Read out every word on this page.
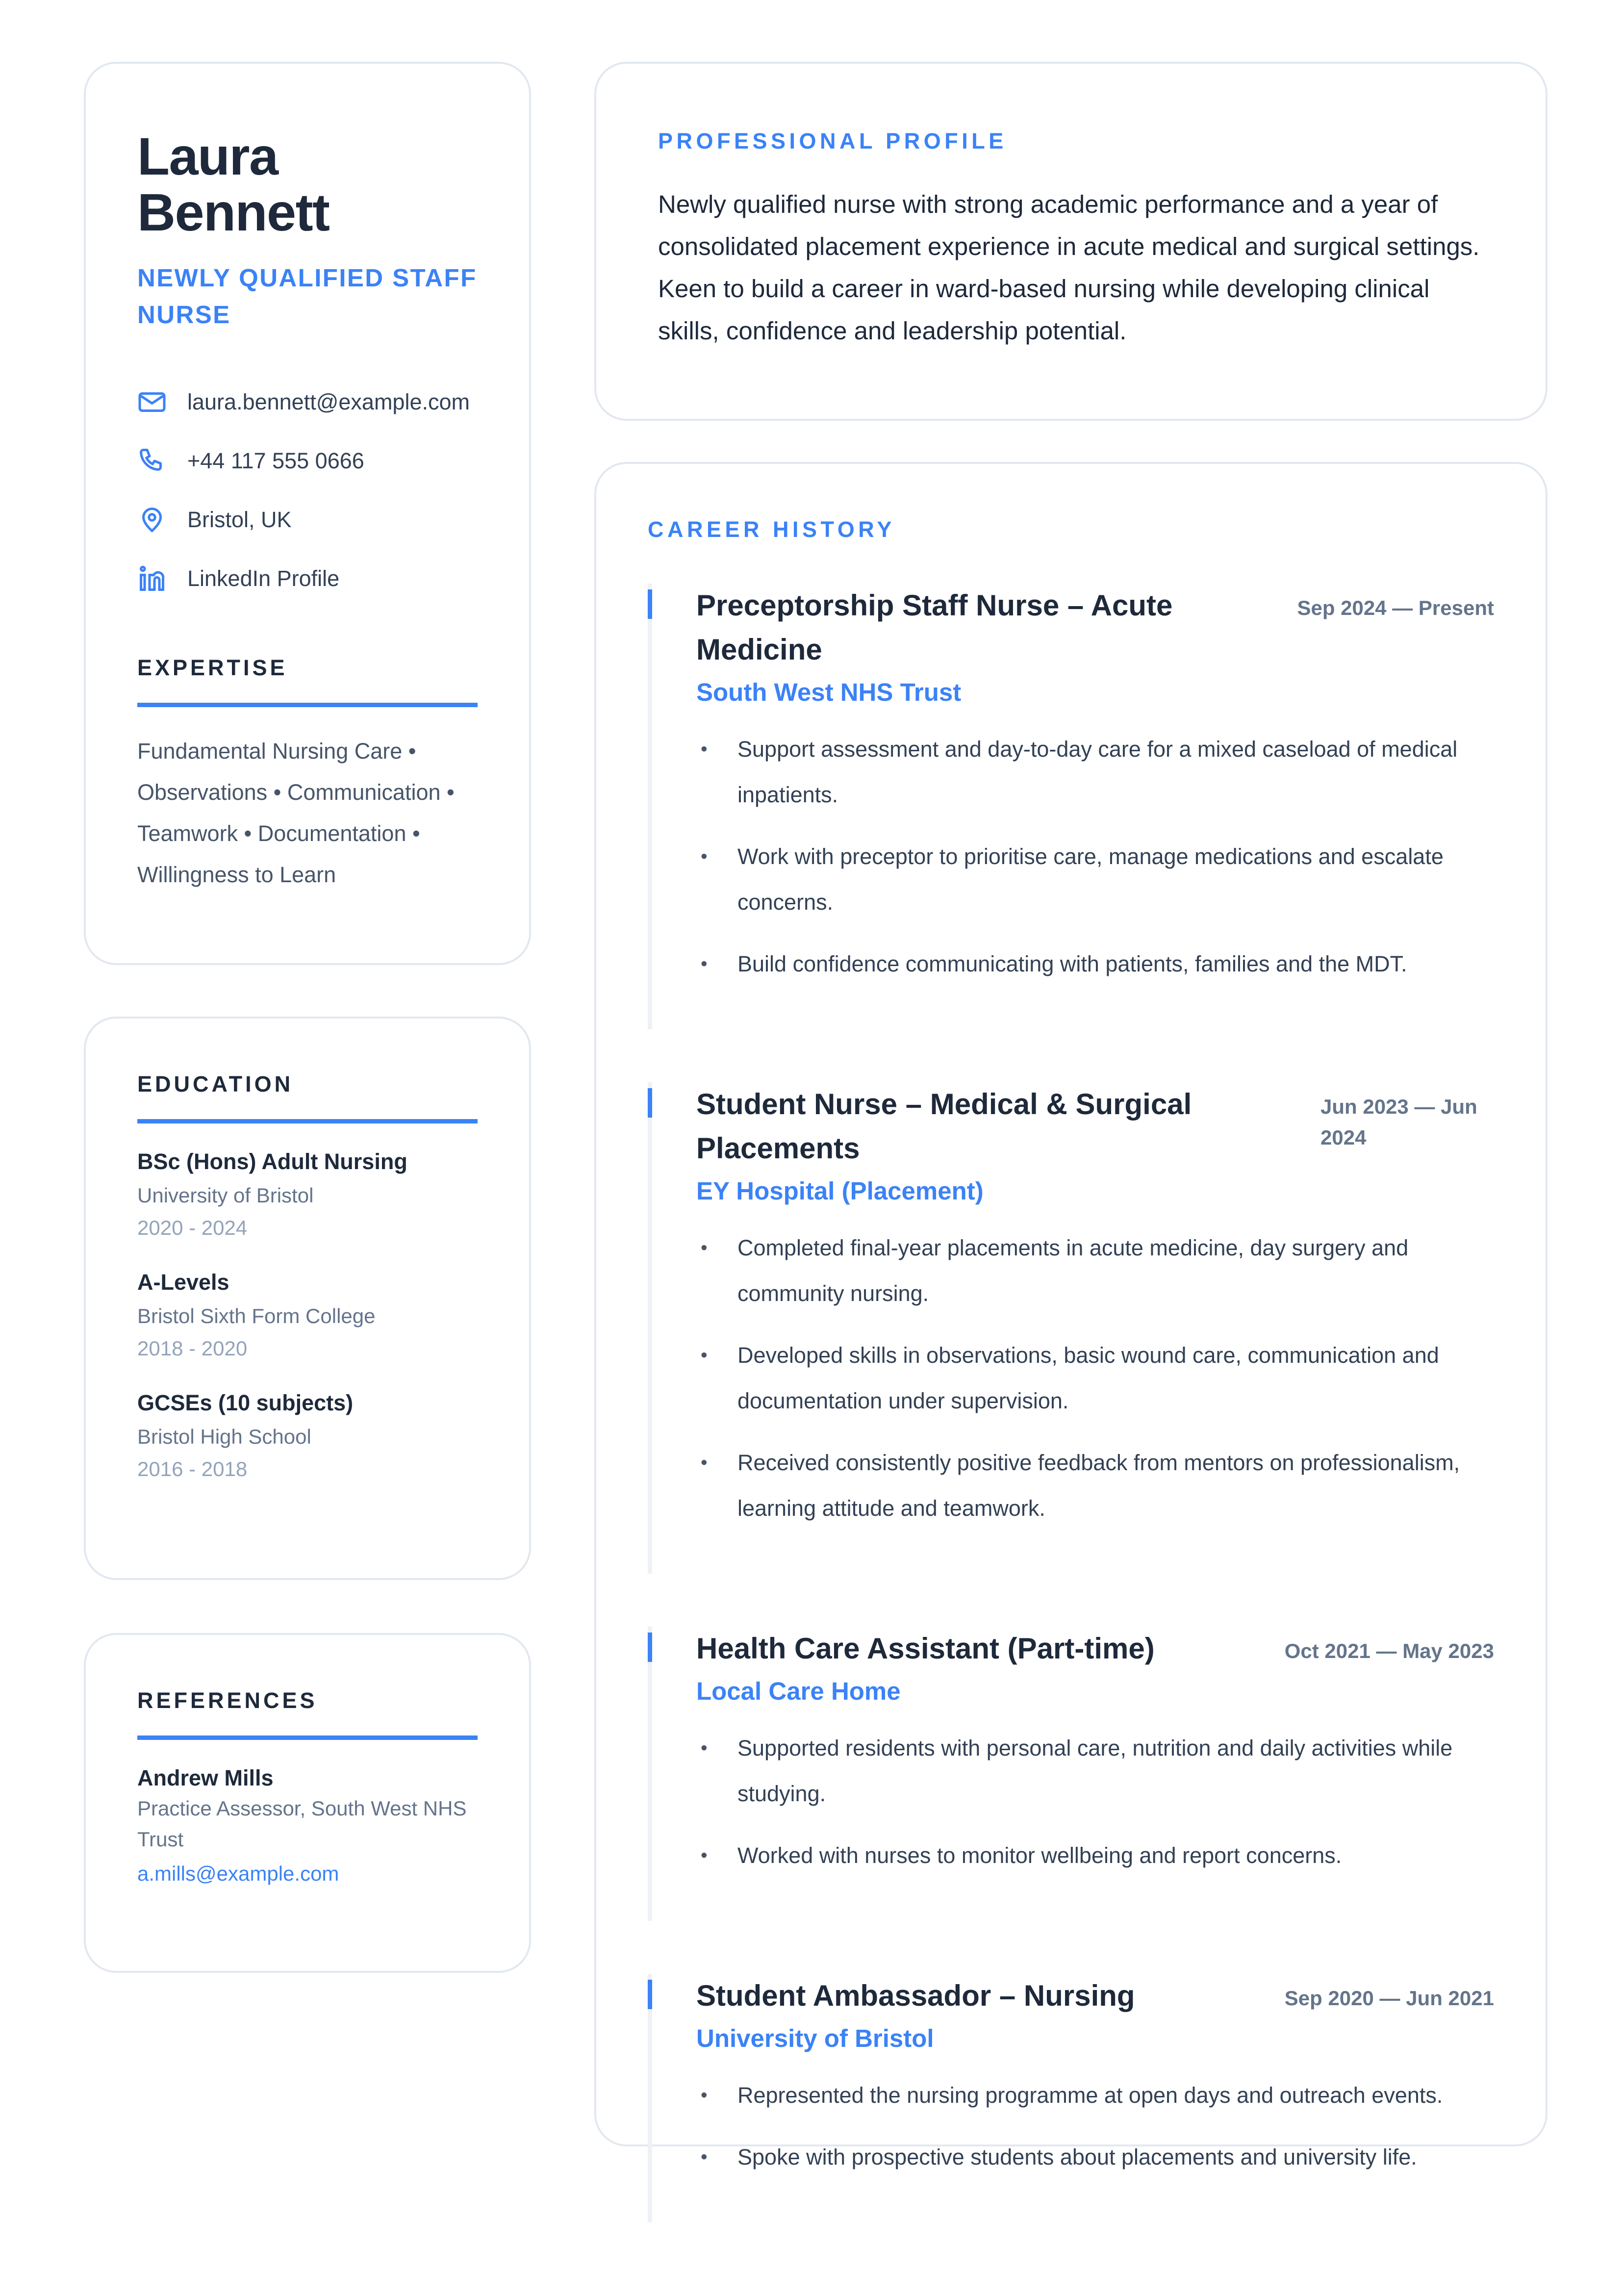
Laura
Bennett
NEWLY QUALIFIED STAFF NURSE
laura.bennett@example.com
+44 117 555 0666
Bristol, UK
LinkedIn Profile
EXPERTISE
Fundamental Nursing Care • Observations • Communication • Teamwork • Documentation • Willingness to Learn
EDUCATION
BSc (Hons) Adult Nursing
University of Bristol
2020 - 2024
A-Levels
Bristol Sixth Form College
2018 - 2020
GCSEs (10 subjects)
Bristol High School
2016 - 2018
REFERENCES
Andrew Mills
Practice Assessor, South West NHS Trust
a.mills@example.com
PROFESSIONAL PROFILE
Newly qualified nurse with strong academic performance and a year of consolidated placement experience in acute medical and surgical settings. Keen to build a career in ward-based nursing while developing clinical skills, confidence and leadership potential.
CAREER HISTORY
Preceptorship Staff Nurse – Acute Medicine
Sep 2024 — Present
South West NHS Trust
• Support assessment and day-to-day care for a mixed caseload of medical inpatients.
• Work with preceptor to prioritise care, manage medications and escalate concerns.
• Build confidence communicating with patients, families and the MDT.
Student Nurse – Medical & Surgical Placements
Jun 2023 — Jun 2024
EY Hospital (Placement)
• Completed final-year placements in acute medicine, day surgery and community nursing.
• Developed skills in observations, basic wound care, communication and documentation under supervision.
• Received consistently positive feedback from mentors on professionalism, learning attitude and teamwork.
Health Care Assistant (Part-time)	Oct 2021 — May 2023
Local Care Home
• Supported residents with personal care, nutrition and daily activities while studying.
• Worked with nurses to monitor wellbeing and report concerns.
Student Ambassador – Nursing	Sep 2020 — Jun 2021
University of Bristol
• Represented the nursing programme at open days and outreach events.
• Spoke with prospective students about placements and university life.
